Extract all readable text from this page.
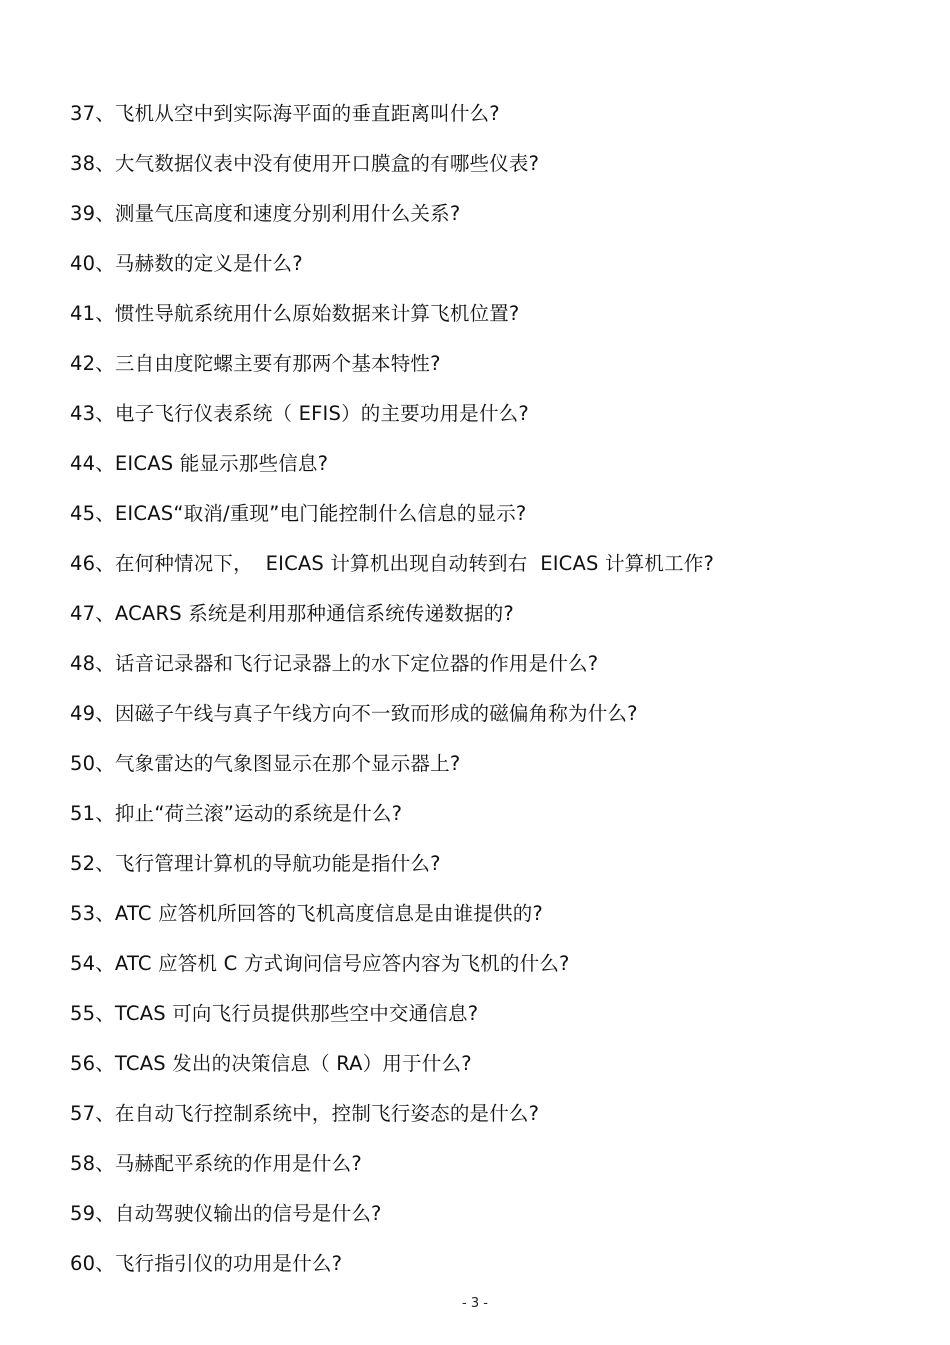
37、飞机从空中到实际海平面的垂直距离叫什么?
38、大气数据仪表中没有使用开口膜盒的有哪些仪表?
39、测量气压高度和速度分别利用什么关系?
40、马赫数的定义是什么?
41、惯性导航系统用什么原始数据来计算飞机位置?
42、三自由度陀螺主要有那两个基本特性?
43、电子飞行仪表系统（ EFIS）的主要功用是什么?
44、EICAS 能显示那些信息?
45、EICAS“取消/重现”电门能控制什么信息的显示?
46、在何种情况下，  EICAS 计算机出现自动转到右  EICAS 计算机工作?
47、ACARS 系统是利用那种通信系统传递数据的?
48、话音记录器和飞行记录器上的水下定位器的作用是什么?
49、因磁子午线与真子午线方向不一致而形成的磁偏角称为什么?
50、气象雷达的气象图显示在那个显示器上?
51、抑止“荷兰滚”运动的系统是什么?
52、飞行管理计算机的导航功能是指什么?
53、ATC 应答机所回答的飞机高度信息是由谁提供的?
54、ATC 应答机 C 方式询问信号应答内容为飞机的什么?
55、TCAS 可向飞行员提供那些空中交通信息?
56、TCAS 发出的决策信息（ RA）用于什么?
57、在自动飞行控制系统中，控制飞行姿态的是什么?
58、马赫配平系统的作用是什么?
59、自动驾驶仪输出的信号是什么?
60、飞行指引仪的功用是什么?
- 3 -
